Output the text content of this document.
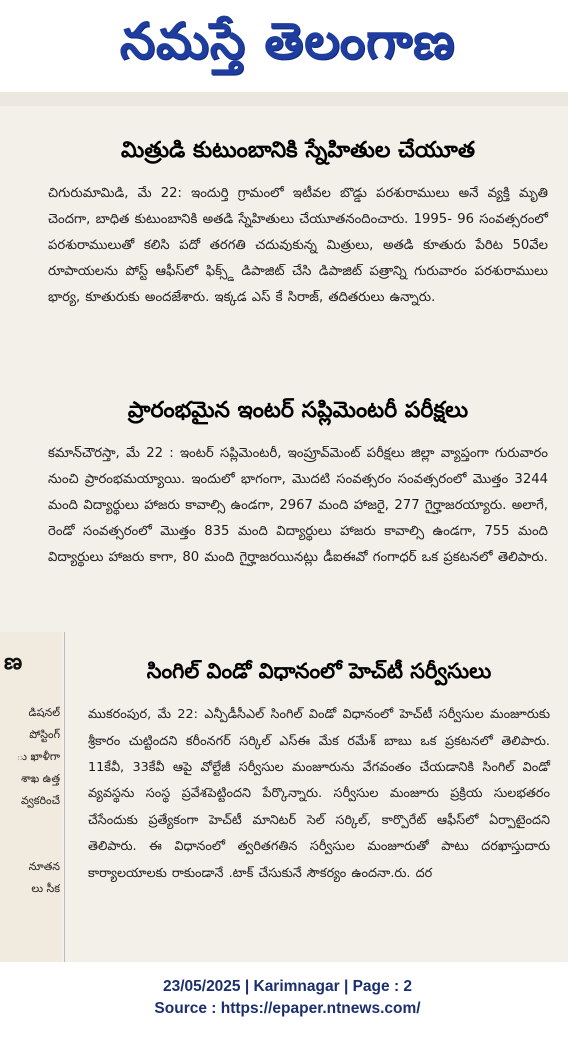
నమస్తే తెలంగాణ
మిత్రుడి కుటుంబానికి స్నేహితుల చేయూత

చిగురుమామిడి, మే 22: ఇందుర్తి గ్రామంలో ఇటీవల బొడ్డు పరశురాములు అనే వ్యక్తి మృతి చెందగా, బాధిత కుటుంబానికి అతడి స్నేహితులు చేయూతనందించారు. 1995- 96 సంవత్సరంలో పరశురాములుతో కలిసి పదో తరగతి చదువుకున్న మిత్రులు, అతడి కూతురు పేరిట 50వేల రూపాయలను పోస్ట్ ఆఫీస్‌లో ఫిక్స్డ్ డిపాజిట్ చేసి డిపాజిట్ పత్రాన్ని గురువారం పరశురాములు భార్య, కూతురుకు అందజేశారు. ఇక్కడ ఎస్ కే సిరాజ్, తదితరులు ఉన్నారు.

ప్రారంభమైన ఇంటర్ సప్లిమెంటరీ పరీక్షలు

కమాన్‌చౌరస్తా, మే 22 : ఇంటర్ సప్లిమెంటరీ, ఇంప్రూవ్‌మెంట్ పరీక్షలు జిల్లా వ్యాప్తంగా గురువారం నుంచి ప్రారంభమయ్యాయి. ఇందులో భాగంగా, మొదటి సంవత్సరం సంవత్సరంలో మొత్తం 3244 మంది విద్యార్థులు హాజరు కావాల్సి ఉండగా, 2967 మంది హాజరై, 277 గైర్హాజరయ్యారు. అలాగే, రెండో సంవత్సరంలో మొత్తం 835 మంది విద్యార్థులు హాజరు కావాల్సి ఉండగా, 755 మంది విద్యార్థులు హాజరు కాగా, 80 మంది గైర్హాజరయినట్లు డీఐఈవో గంగాధర్ ఒక ప్రకటనలో తెలిపారు.

ణ
డిషనల్
పోస్టింగ్
ు ఖాళీగా
శాఖ ఉత్త
వ్వకరించే

నూతన
లు సీక
సింగిల్ విండో విధానంలో హెచ్‌టీ సర్వీసులు

ముకరంపుర, మే 22: ఎన్పీడీసీఎల్ సింగిల్ విండో విధానంలో హెచ్‌టీ సర్వీసుల మంజూరుకు శ్రీకారం చుట్టిందని కరీంనగర్ సర్కిల్ ఎస్ఈ మేక రమేశ్ బాబు ఒక ప్రకటనలో తెలిపారు. 11కేవీ, 33కేవీ ఆపై వోల్టేజీ సర్వీసుల మంజూరును వేగవంతం చేయడానికి సింగిల్ విండో వ్యవస్థను సంస్థ ప్రవేశపెట్టిందని పేర్కొన్నారు. సర్వీసుల మంజూరు ప్రక్రియ సులభతరం చేసేందుకు ప్రత్యేకంగా హెచ్‌టీ మానిటర్ సెల్ సర్కిల్, కార్పొరేట్ ఆఫీస్‌లో ఏర్పాటైందని తెలిపారు. ఈ విధానంలో త్వరితగతిన సర్వీసుల మంజూరుతో పాటు దరఖాస్తుదారు కార్యాలయాలకు రాకుండానే .టాక్ చేసుకునే సౌకర్యం ఉందనా.రు. దర

23/05/2025 | Karimnagar | Page : 2
Source : https://epaper.ntnews.com/
